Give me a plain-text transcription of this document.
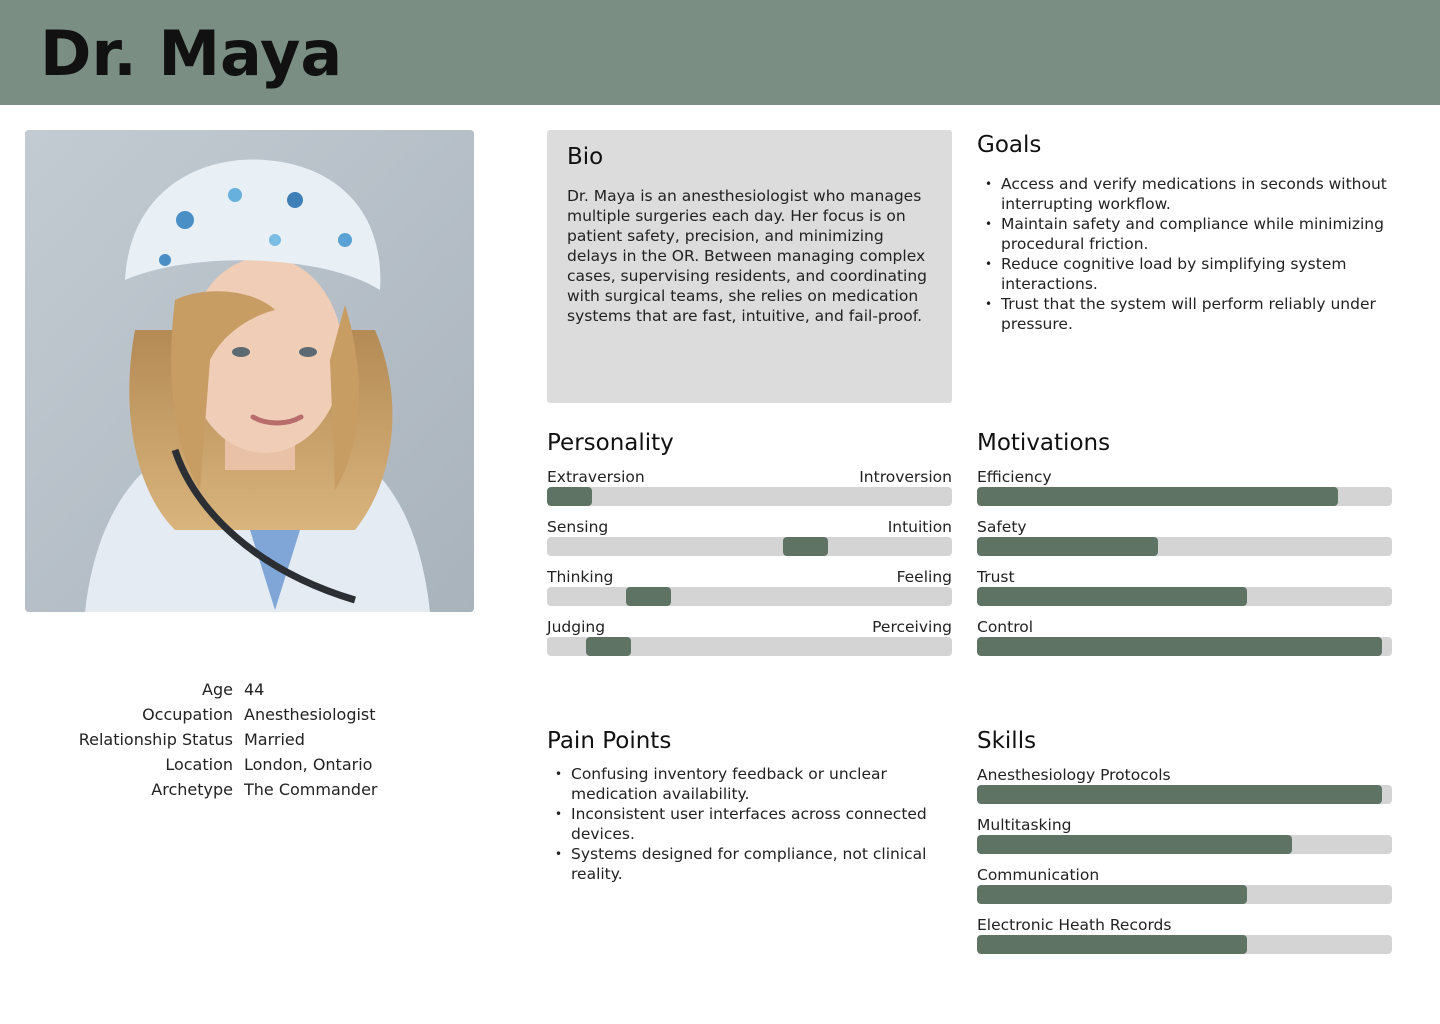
Dr. Maya
Age 44
Occupation Anesthesiologist
Relationship Status Married
Location London, Ontario
Archetype The Commander
Bio

Dr. Maya is an anesthesiologist who manages multiple surgeries each day. Her focus is on patient safety, precision, and minimizing delays in the OR. Between managing complex cases, supervising residents, and coordinating with surgical teams, she relies on medication systems that are fast, intuitive, and fail-proof.

Goals
• Access and verify medications in seconds without interrupting workflow.
• Maintain safety and compliance while minimizing procedural friction.
• Reduce cognitive load by simplifying system interactions.
• Trust that the system will perform reliably under pressure.
Personality
Extraversion	Introversion
Sensing	Intuition
Thinking	Feeling
Judging	Perceiving
Motivations
Efficiency
Safety
Trust
Control
Pain Points
• Confusing inventory feedback or unclear medication availability.
• Inconsistent user interfaces across connected devices.
• Systems designed for compliance, not clinical reality.
Skills
Anesthesiology Protocols
Multitasking
Communication
Electronic Heath Records
